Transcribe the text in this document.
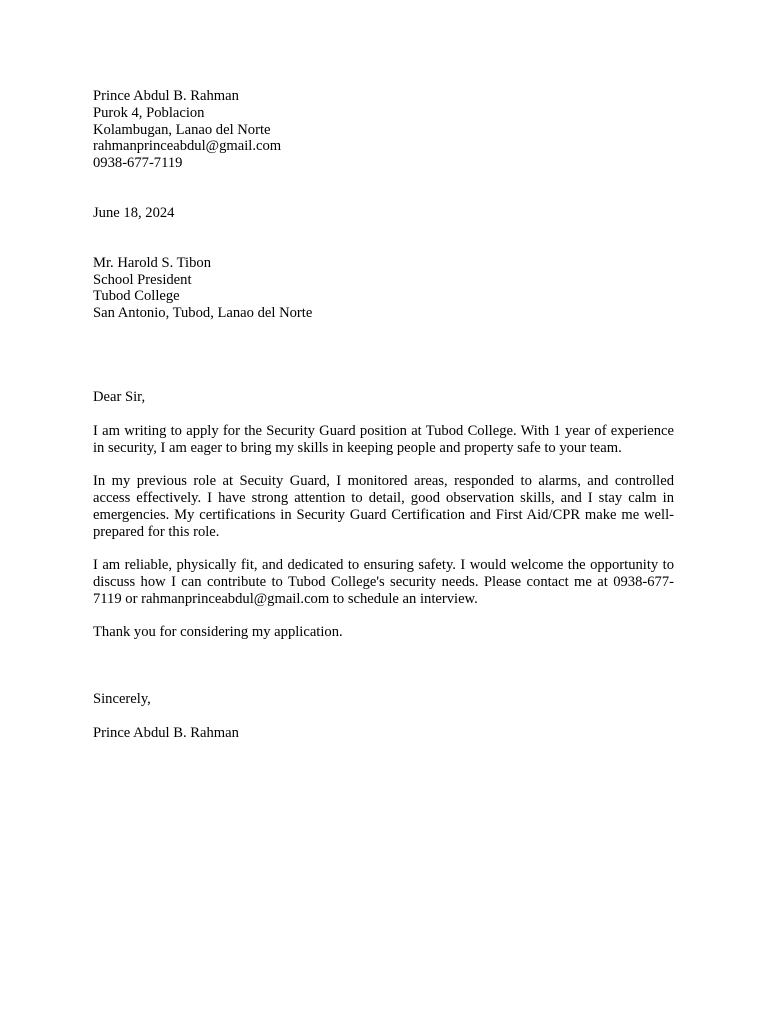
Prince Abdul B. Rahman
Purok 4, Poblacion
Kolambugan, Lanao del Norte
rahmanprinceabdul@gmail.com
0938-677-7119
June 18, 2024
Mr. Harold S. Tibon
School President
Tubod College
San Antonio, Tubod, Lanao del Norte
Dear Sir,

I am writing to apply for the Security Guard position at Tubod College. With 1 year of experience in security, I am eager to bring my skills in keeping people and property safe to your team.

In my previous role at Secuity Guard, I monitored areas, responded to alarms, and controlled access effectively. I have strong attention to detail, good observation skills, and I stay calm in emergencies. My certifications in Security Guard Certification and First Aid/CPR make me well-prepared for this role.

I am reliable, physically fit, and dedicated to ensuring safety. I would welcome the opportunity to discuss how I can contribute to Tubod College's security needs. Please contact me at 0938-677-7119 or rahmanprinceabdul@gmail.com to schedule an interview.

Thank you for considering my application.

Sincerely,
Prince Abdul B. Rahman
